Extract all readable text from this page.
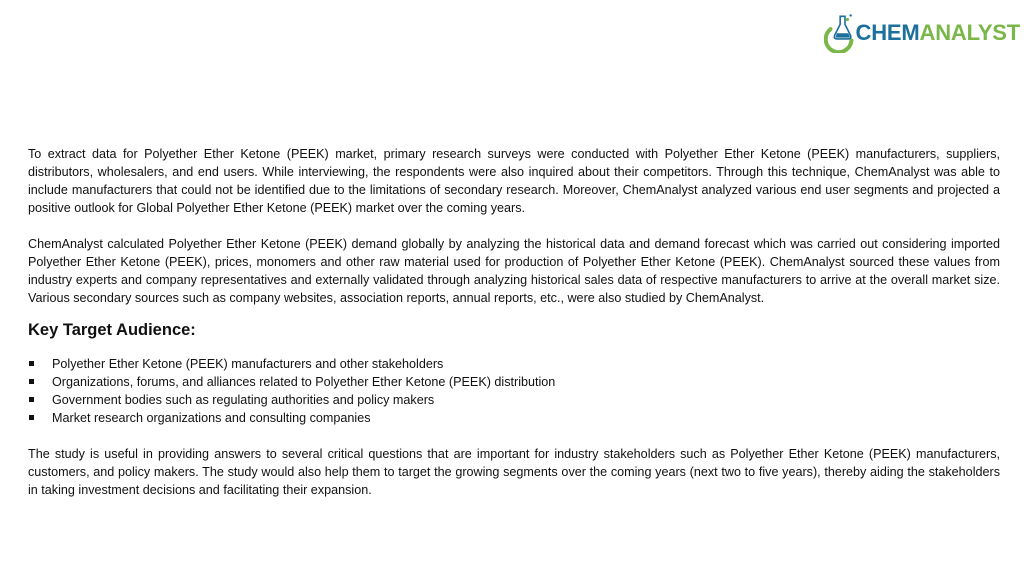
CHEMANALYST

To extract data for Polyether Ether Ketone (PEEK) market, primary research surveys were conducted with Polyether Ether Ketone (PEEK) manufacturers, suppliers, distributors, wholesalers, and end users. While interviewing, the respondents were also inquired about their competitors. Through this technique, ChemAnalyst was able to include manufacturers that could not be identified due to the limitations of secondary research. Moreover, ChemAnalyst analyzed various end user segments and projected a positive outlook for Global Polyether Ether Ketone (PEEK) market over the coming years.

ChemAnalyst calculated Polyether Ether Ketone (PEEK) demand globally by analyzing the historical data and demand forecast which was carried out considering imported Polyether Ether Ketone (PEEK), prices, monomers and other raw material used for production of Polyether Ether Ketone (PEEK). ChemAnalyst sourced these values from industry experts and company representatives and externally validated through analyzing historical sales data of respective manufacturers to arrive at the overall market size. Various secondary sources such as company websites, association reports, annual reports, etc., were also studied by ChemAnalyst.

Key Target Audience:
Polyether Ether Ketone (PEEK) manufacturers and other stakeholders
Organizations, forums, and alliances related to Polyether Ether Ketone (PEEK) distribution
Government bodies such as regulating authorities and policy makers
Market research organizations and consulting companies

The study is useful in providing answers to several critical questions that are important for industry stakeholders such as Polyether Ether Ketone (PEEK) manufacturers, customers, and policy makers. The study would also help them to target the growing segments over the coming years (next two to five years), thereby aiding the stakeholders in taking investment decisions and facilitating their expansion.
